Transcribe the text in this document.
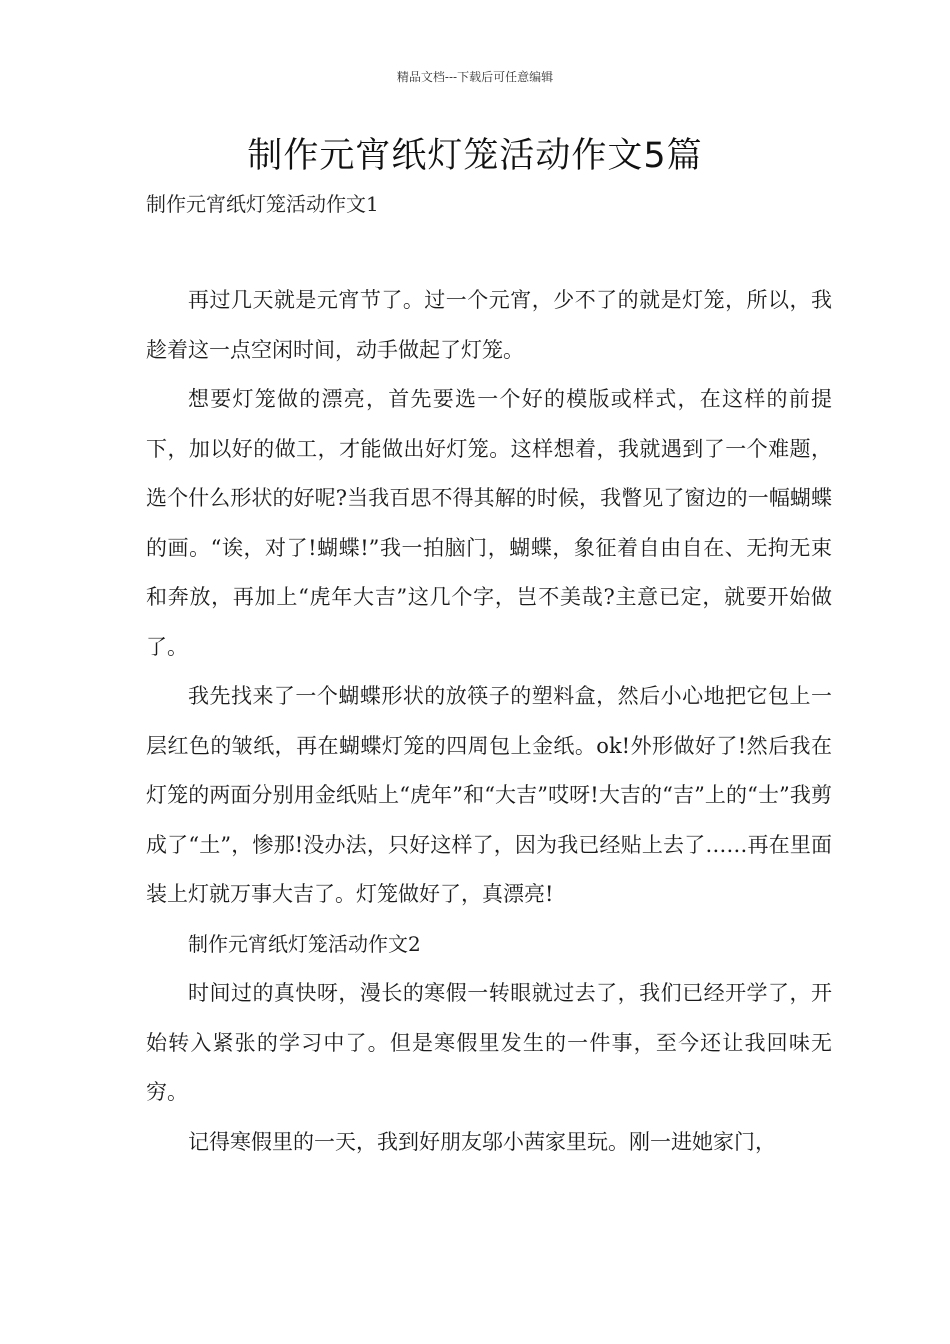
精品文档---下载后可任意编辑
制作元宵纸灯笼活动作文5篇
制作元宵纸灯笼活动作文1

再过几天就是元宵节了。过一个元宵，少不了的就是灯笼，所以，我趁着这一点空闲时间，动手做起了灯笼。

想要灯笼做的漂亮，首先要选一个好的模版或样式，在这样的前提下，加以好的做工，才能做出好灯笼。这样想着，我就遇到了一个难题，选个什么形状的好呢?当我百思不得其解的时候，我瞥见了窗边的一幅蝴蝶的画。“诶，对了!蝴蝶!”我一拍脑门，蝴蝶，象征着自由自在、无拘无束和奔放，再加上“虎年大吉”这几个字，岂不美哉?主意已定，就要开始做了。

我先找来了一个蝴蝶形状的放筷子的塑料盒，然后小心地把它包上一层红色的皱纸，再在蝴蝶灯笼的四周包上金纸。ok!外形做好了!然后我在灯笼的两面分别用金纸贴上“虎年”和“大吉”哎呀!大吉的“吉”上的“士”我剪成了“土”，惨那!没办法，只好这样了，因为我已经贴上去了……再在里面装上灯就万事大吉了。灯笼做好了，真漂亮!

制作元宵纸灯笼活动作文2

时间过的真快呀，漫长的寒假一转眼就过去了，我们已经开学了，开始转入紧张的学习中了。但是寒假里发生的一件事，至今还让我回味无穷。

记得寒假里的一天，我到好朋友邬小茜家里玩。刚一进她家门，
